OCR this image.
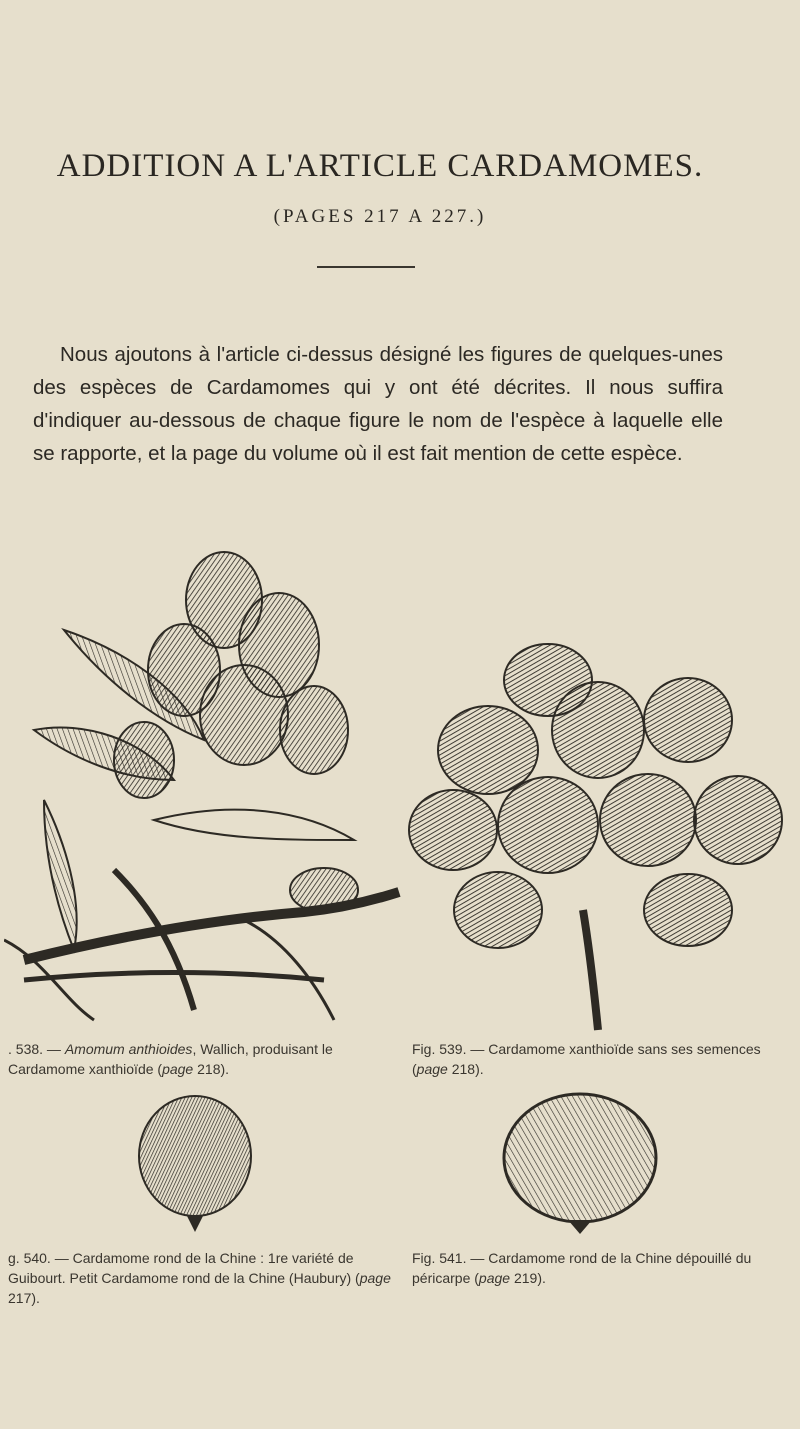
ADDITION A L'ARTICLE CARDAMOMES.
(PAGES 217 A 227.)

Nous ajoutons à l'article ci-dessus désigné les figures de quelques-unes des espèces de Cardamomes qui y ont été décrites. Il nous suffira d'indiquer au-dessous de chaque figure le nom de l'espèce à laquelle elle se rapporte, et la page du volume où il est fait mention de cette espèce.

. 538. — Amomum anthioides, Wallich, produisant le Cardamome xanthioïde (page 218).
Fig. 539. — Cardamome xanthioïde sans ses semences (page 218).
g. 540. — Cardamome rond de la Chine : 1re variété de Guibourt. Petit Cardamome rond de la Chine (Haubury) (page 217).
Fig. 541. — Cardamome rond de la Chine dépouillé du péricarpe (page 219).
